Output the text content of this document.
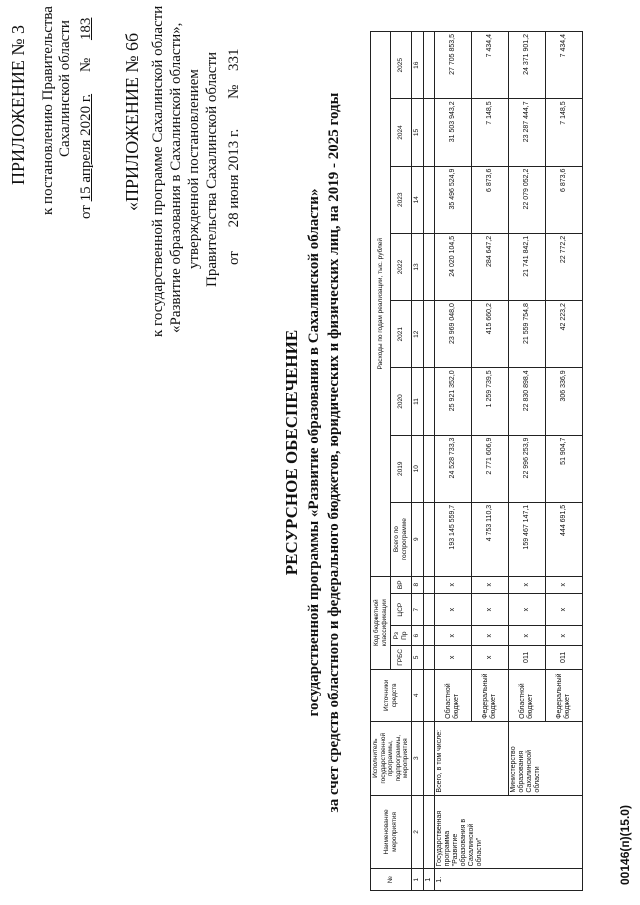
ПРИЛОЖЕНИЕ № 3 к постановлению Правительства Сахалинской области
от 15 апреля 2020 г. № 183
«ПРИЛОЖЕНИЕ № 6б к государственной программе Сахалинской области «Развитие образования в Сахалинской области», утвержденной постановлением Правительства Сахалинской области от 28 июня 2013 г. № 331
РЕСУРСНОЕ ОБЕСПЕЧЕНИЕ государственной программы «Развитие образования в Сахалинской области» за счет средств областного и федерального бюджетов, юридических и физических лиц, на 2019 - 2025 годы
№	Наименование мероприятия	Исполнитель государственной программы, подпрограммы, мероприятия	Источники средств	Код бюджетной классификации				Расходы по годам реализации, тыс. рублей							
				ГРБС	Рз Пр	ЦСР	ВР	Всего по госпрограмме	2019	2020	2021	2022	2023	2024	2025
1	2	3	4	5	6	7	8	9	10	11	12	13	14	15	16
1															
1.	Государственная программа "Развитие образования в Сахалинской области"	Всего, в том числе:	Областной бюджет	х	х	х	х	193 145 559,7	24 528 733,3	25 921 352,0	23 969 048,0	24 020 104,5	35 496 524,9	31 503 943,2	27 705 853,5
			Федеральный бюджет	х	х	х	х	4 753 110,3	2 771 606,9	1 259 739,5	415 660,2	284 647,2	6 873,6	7 148,5	7 434,4
		Министерство образования Сахалинской области	Областной бюджет	011	х	х	х	159 467 147,1	22 996 253,9	22 830 898,4	21 559 754,8	21 741 842,1	22 079 052,2	23 287 444,7	24 371 901,2
			Федеральный бюджет	011	х	х	х	444 691,5	51 904,7	306 336,9	42 223,2	22 772,2	6 873,6	7 148,5	7 434,4
00146(п)(15.0)
